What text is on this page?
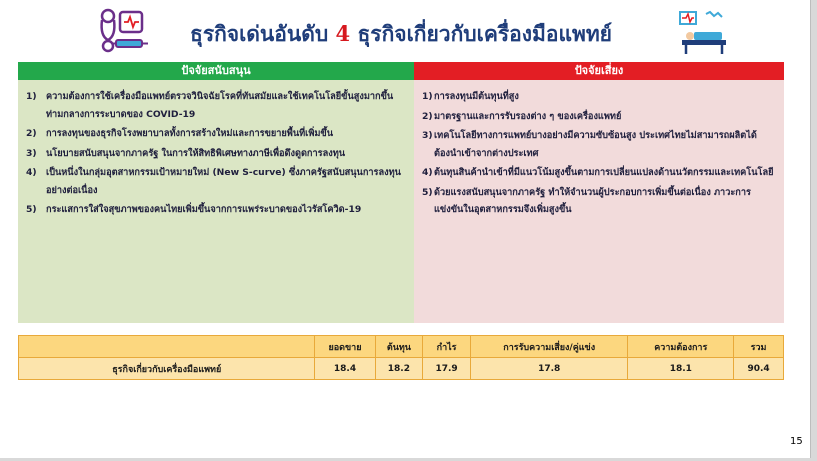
ธุรกิจเด่นอันดับ 4 ธุรกิจเกี่ยวกับเครื่องมือแพทย์
ปัจจัยสนับสนุน
1)	ความต้องการใช้เครื่องมือแพทย์ตรวจวินิจฉัยโรคที่ทันสมัยและใช้เทคโนโลยีขั้นสูงมากขึ้น ท่ามกลางการระบาดของ COVID-19
2)	การลงทุนของธุรกิจโรงพยาบาลทั้งการสร้างใหม่และการขยายพื้นที่เพิ่มขึ้น
3)	นโยบายสนับสนุนจากภาครัฐ ในการให้สิทธิพิเศษทางภาษีเพื่อดึงดูดการลงทุน
4)	เป็นหนึ่งในกลุ่มอุตสาหกรรมเป้าหมายใหม่ (New S-curve) ซึ่งภาครัฐสนับสนุนการลงทุนอย่างต่อเนื่อง
5)	กระแสการใส่ใจสุขภาพของคนไทยเพิ่มขึ้นจากการแพร่ระบาดของไวรัสโควิด-19
ปัจจัยเสี่ยง
1) การลงทุนมีต้นทุนที่สูง
2) มาตรฐานและการรับรองต่าง ๆ ของเครื่องแพทย์
3) เทคโนโลยีทางการแพทย์บางอย่างมีความซับซ้อนสูง ประเทศไทยไม่สามารถผลิตได้ ต้องนำเข้าจากต่างประเทศ
4) ต้นทุนสินค้านำเข้าที่มีแนวโน้มสูงขึ้นตามการเปลี่ยนแปลงด้านนวัตกรรมและเทคโนโลยี
5) ด้วยแรงสนับสนุนจากภาครัฐ ทำให้จำนวนผู้ประกอบการเพิ่มขึ้นต่อเนื่อง ภาวะการแข่งขันในอุตสาหกรรมจึงเพิ่มสูงขึ้น
	ยอดขาย	ต้นทุน	กำไร	การรับความเสี่ยง/คู่แข่ง	ความต้องการ	รวม
ธุรกิจเกี่ยวกับเครื่องมือแพทย์	18.4	18.2	17.9	17.8	18.1	90.4
15
